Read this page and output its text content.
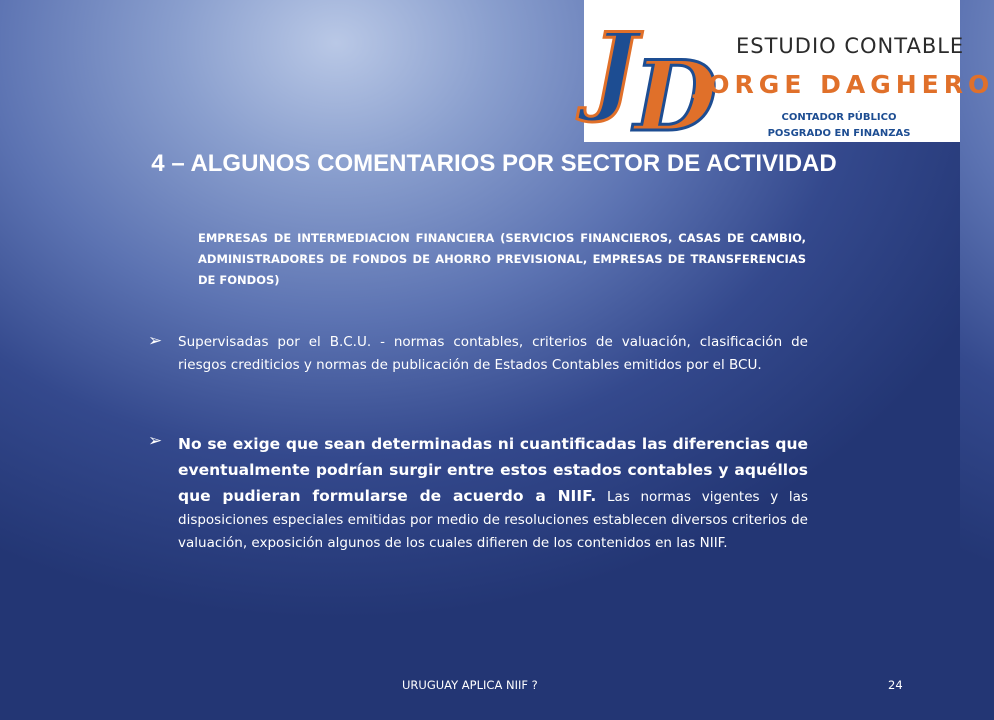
J
D ESTUDIO CONTABLE
JORGE DAGHERO
CONTADOR PÚBLICO
POSGRADO EN FINANZAS
4 – ALGUNOS COMENTARIOS POR SECTOR DE ACTIVIDAD
EMPRESAS DE INTERMEDIACION FINANCIERA (SERVICIOS FINANCIEROS, CASAS DE CAMBIO, ADMINISTRADORES DE FONDOS DE AHORRO PREVISIONAL, EMPRESAS DE TRANSFERENCIAS DE FONDOS)
➢ Supervisadas por el B.C.U. - normas contables, criterios de valuación, clasificación de riesgos crediticios y normas de publicación de Estados Contables emitidos por el BCU.
➢ No se exige que sean determinadas ni cuantificadas las diferencias que eventualmente podrían surgir entre estos estados contables y aquéllos que pudieran formularse de acuerdo a NIIF. Las normas vigentes y las disposiciones especiales emitidas por medio de resoluciones establecen diversos criterios de valuación, exposición algunos de los cuales difieren de los contenidos en las NIIF.
URUGUAY APLICA NIIF ?	24
